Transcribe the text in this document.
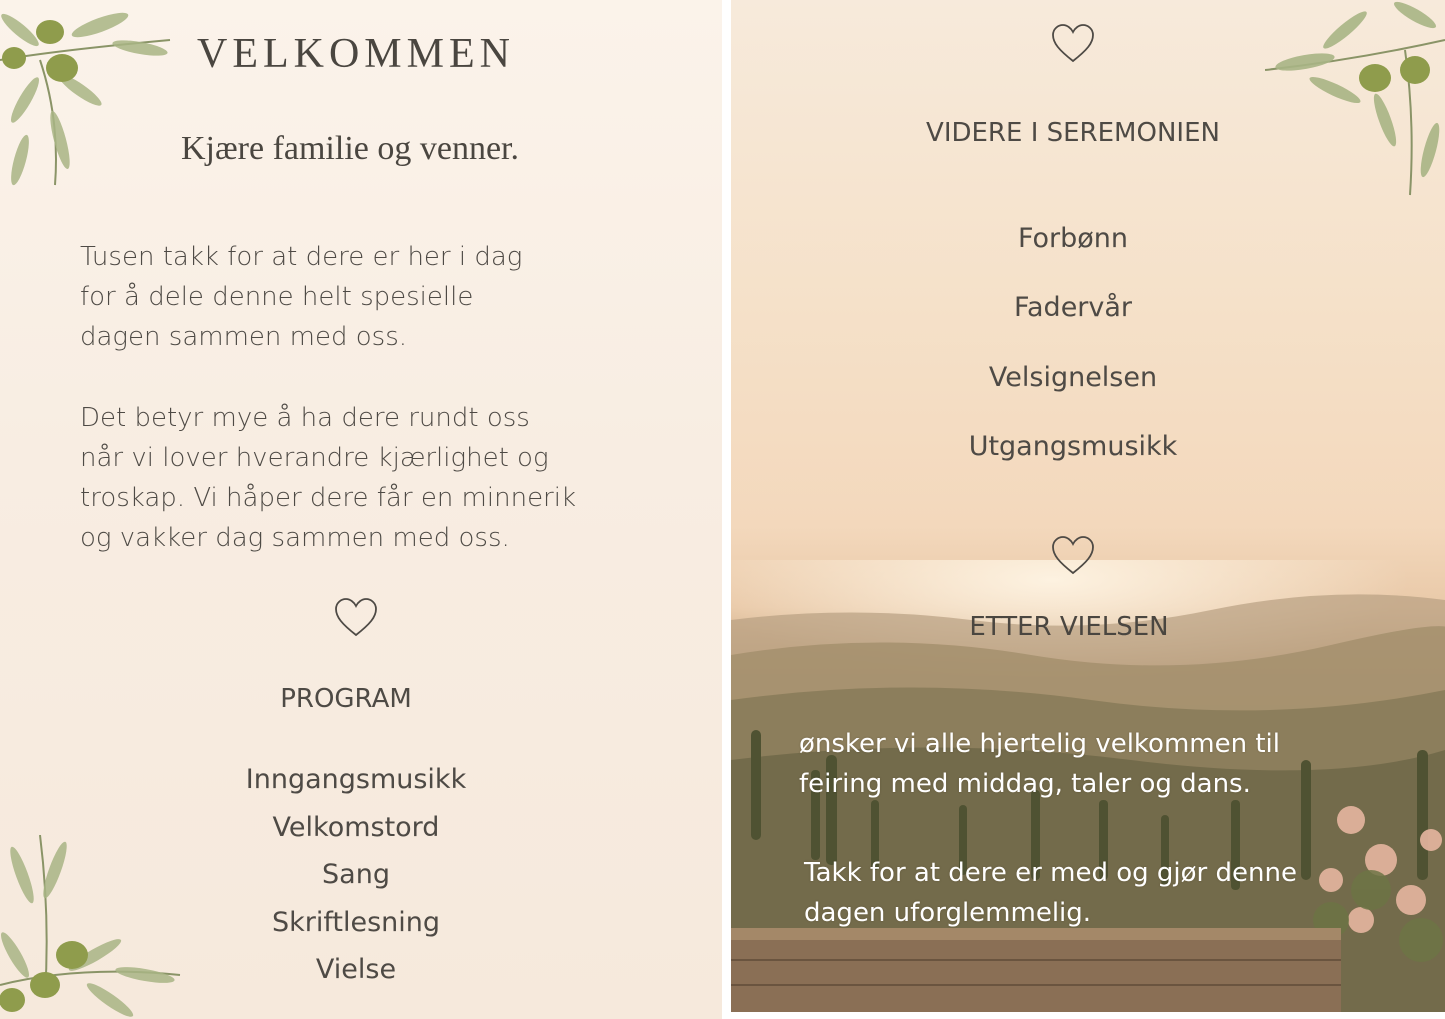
VELKOMMEN
Kjære familie og venner.
Tusen takk for at dere er her i dag
for å dele denne helt spesielle
dagen sammen med oss.
Det betyr mye å ha dere rundt oss
når vi lover hverandre kjærlighet og
troskap. Vi håper dere får en minnerik
og vakker dag sammen med oss.
PROGRAM
Inngangsmusikk
Velkomstord
Sang
Skriftlesning
Vielse
VIDERE I SEREMONIEN
Forbønn
Fadervår
Velsignelsen
Utgangsmusikk
ETTER VIELSEN
ønsker vi alle hjertelig velkommen til
feiring med middag, taler og dans.
Takk for at dere er med og gjør denne
dagen uforglemmelig.
